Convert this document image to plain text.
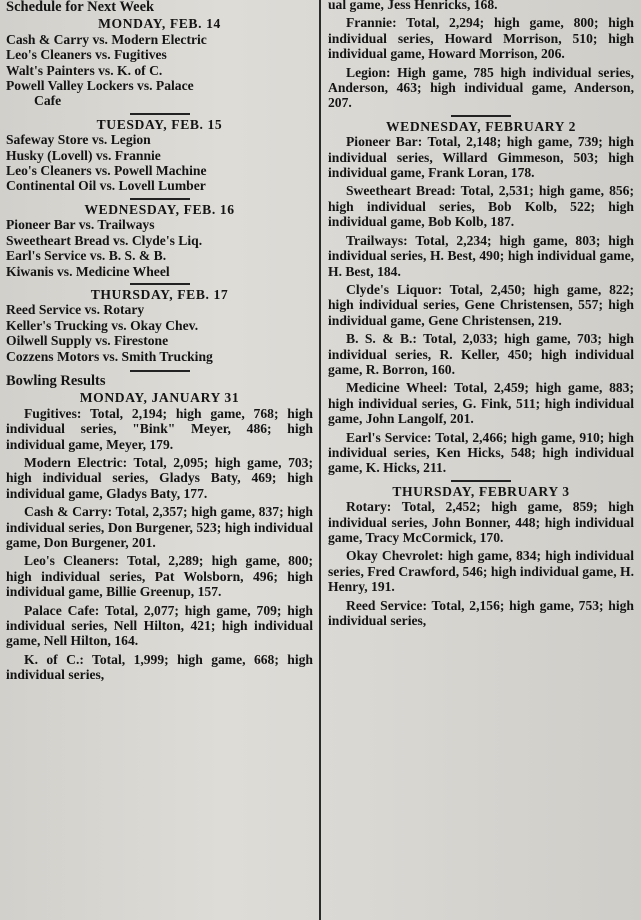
Schedule for Next Week
MONDAY, FEB. 14
Cash & Carry vs. Modern Electric
Leo's Cleaners vs. Fugitives
Walt's Painters vs. K. of C.
Powell Valley Lockers vs. Palace
Cafe
TUESDAY, FEB. 15
Safeway Store vs. Legion
Husky (Lovell) vs. Frannie
Leo's Cleaners vs. Powell Machine
Continental Oil vs. Lovell Lumber
WEDNESDAY, FEB. 16
Pioneer Bar vs. Trailways
Sweetheart Bread vs. Clyde's Liq.
Earl's Service vs. B. S. & B.
Kiwanis vs. Medicine Wheel
THURSDAY, FEB. 17
Reed Service vs. Rotary
Keller's Trucking vs. Okay Chev.
Oilwell Supply vs. Firestone
Cozzens Motors vs. Smith Trucking
Bowling Results
MONDAY, JANUARY 31
Fugitives: Total, 2,194; high game, 768; high individual series, "Bink" Meyer, 486; high individual game, Meyer, 179.
Modern Electric: Total, 2,095; high game, 703; high individual series, Gladys Baty, 469; high individual game, Gladys Baty, 177.
Cash & Carry: Total, 2,357; high game, 837; high individual series, Don Burgener, 523; high individual game, Don Burgener, 201.
Leo's Cleaners: Total, 2,289; high game, 800; high individual series, Pat Wolsborn, 496; high individual game, Billie Greenup, 157.
Palace Cafe: Total, 2,077; high game, 709; high individual series, Nell Hilton, 421; high individual game, Nell Hilton, 164.
K. of C.: Total, 1,999; high game, 668; high individual series,
ual game, Jess Henricks, 168.
Frannie: Total, 2,294; high game, 800; high individual series, Howard Morrison, 510; high individual game, Howard Morrison, 206.
Legion: High game, 785 high individual series, Anderson, 463; high individual game, Anderson, 207.
WEDNESDAY, FEBRUARY 2
Pioneer Bar: Total, 2,148; high game, 739; high individual series, Willard Gimmeson, 503; high individual game, Frank Loran, 178.
Sweetheart Bread: Total, 2,531; high game, 856; high individual series, Bob Kolb, 522; high individual game, Bob Kolb, 187.
Trailways: Total, 2,234; high game, 803; high individual series, H. Best, 490; high individual game, H. Best, 184.
Clyde's Liquor: Total, 2,450; high game, 822; high individual series, Gene Christensen, 557; high individual game, Gene Christensen, 219.
B. S. & B.: Total, 2,033; high game, 703; high individual series, R. Keller, 450; high individual game, R. Borron, 160.
Medicine Wheel: Total, 2,459; high game, 883; high individual series, G. Fink, 511; high individual game, John Langolf, 201.
Earl's Service: Total, 2,466; high game, 910; high individual series, Ken Hicks, 548; high individual game, K. Hicks, 211.
THURSDAY, FEBRUARY 3
Rotary: Total, 2,452; high game, 859; high individual series, John Bonner, 448; high individual game, Tracy McCormick, 170.
Okay Chevrolet: high game, 834; high individual series, Fred Crawford, 546; high individual game, H. Henry, 191.
Reed Service: Total, 2,156; high game, 753; high individual series,
